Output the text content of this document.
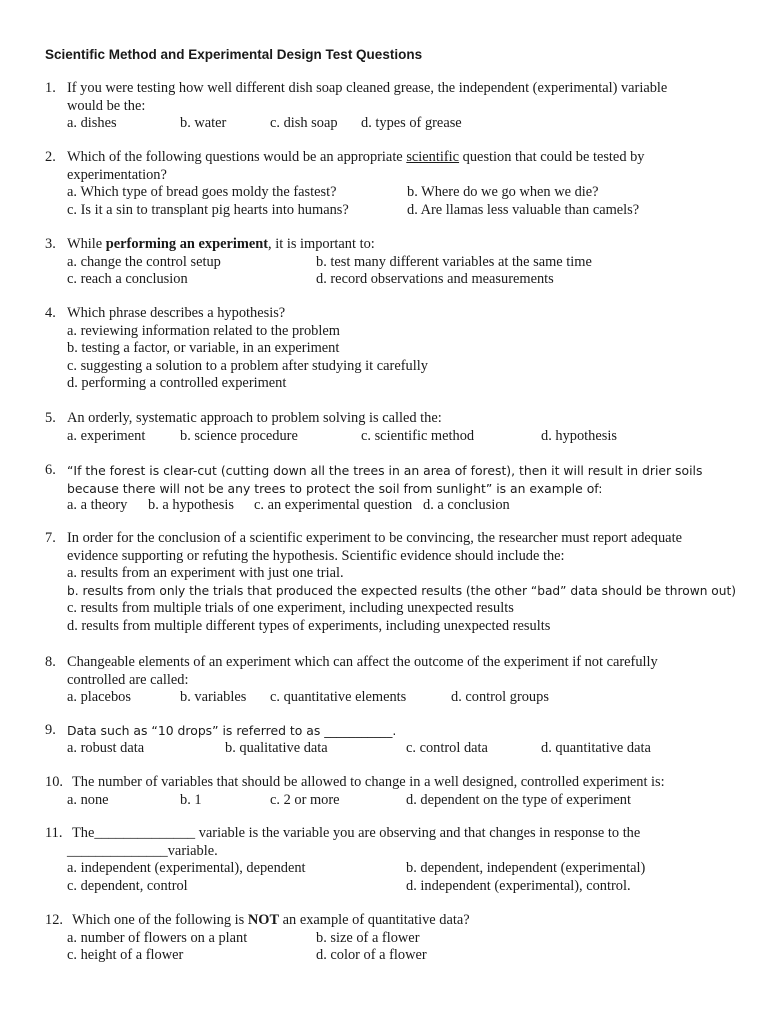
Scientific Method and Experimental Design Test Questions
1. If you were testing how well different dish soap cleaned grease, the independent (experimental) variable
would be the:
a. dishes	b. water	c. dish soap d. types of grease
2. Which of the following questions would be an appropriate scientific question that could be tested by
experimentation?
a. Which type of bread goes moldy the fastest?	b. Where do we go when we die?
c. Is it a sin to transplant pig hearts into humans?	d. Are llamas less valuable than camels?
3. While performing an experiment, it is important to:
a. change the control setup	b. test many different variables at the same time
c. reach a conclusion	d. record observations and measurements
4. Which phrase describes a hypothesis?
a. reviewing information related to the problem
b. testing a factor, or variable, in an experiment
c. suggesting a solution to a problem after studying it carefully
d. performing a controlled experiment
5. An orderly, systematic approach to problem solving is called the:
a. experiment b. science procedure	c. scientific method	d. hypothesis
6. “If the forest is clear-cut (cutting down all the trees in an area of forest), then it will result in drier soils
because there will not be any trees to protect the soil from sunlight” is an example of:
a. a theory b. a hypothesis c. an experimental question d. a conclusion
7. In order for the conclusion of a scientific experiment to be convincing, the researcher must report adequate
evidence supporting or refuting the hypothesis. Scientific evidence should include the:
a. results from an experiment with just one trial.
b. results from only the trials that produced the expected results (the other “bad” data should be thrown out)
c. results from multiple trials of one experiment, including unexpected results
d. results from multiple different types of experiments, including unexpected results
8. Changeable elements of an experiment which can affect the outcome of the experiment if not carefully
controlled are called:
a. placebos	b. variables c. quantitative elements	d. control groups
9. Data such as “10 drops” is referred to as ___________.
a. robust data	b. qualitative data	c. control data	d. quantitative data
10. The number of variables that should be allowed to change in a well designed, controlled experiment is:
a. none	b. 1	c. 2 or more	d. dependent on the type of experiment
11. The______________ variable is the variable you are observing and that changes in response to the
______________variable.
a. independent (experimental), dependent	b. dependent, independent (experimental)
c. dependent, control	d. independent (experimental), control.
12. Which one of the following is NOT an example of quantitative data?
a. number of flowers on a plant	b. size of a flower
c. height of a flower	d. color of a flower
